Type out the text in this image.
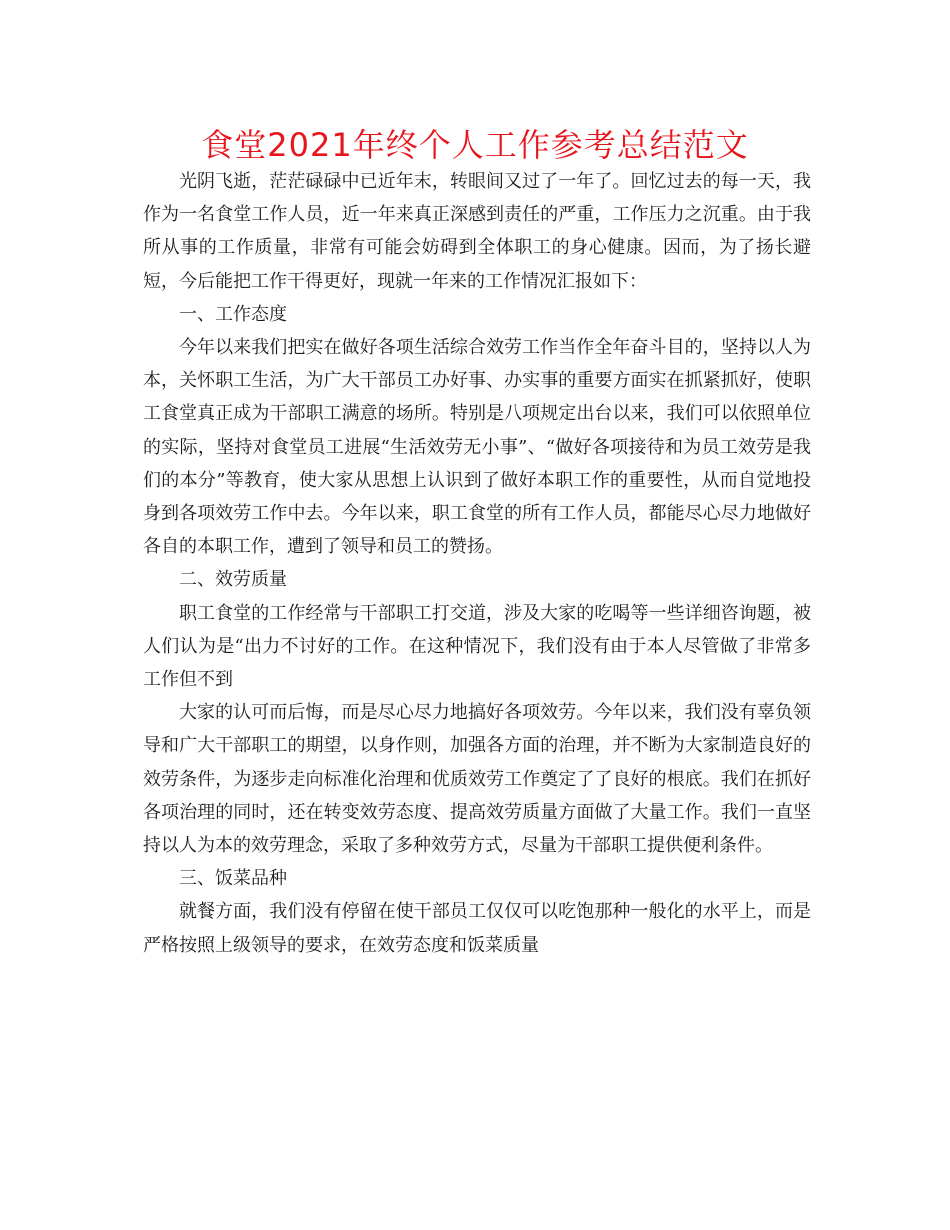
食堂2021年终个人工作参考总结范文

光阴飞逝，茫茫碌碌中已近年末，转眼间又过了一年了。回忆过去的每一天，我作为一名食堂工作人员，近一年来真正深感到责任的严重，工作压力之沉重。由于我所从事的工作质量，非常有可能会妨碍到全体职工的身心健康。因而，为了扬长避短，今后能把工作干得更好，现就一年来的工作情况汇报如下：

一、工作态度

今年以来我们把实在做好各项生活综合效劳工作当作全年奋斗目的，坚持以人为本，关怀职工生活，为广大干部员工办好事、办实事的重要方面实在抓紧抓好，使职工食堂真正成为干部职工满意的场所。特别是八项规定出台以来，我们可以依照单位的实际，坚持对食堂员工进展“生活效劳无小事”、“做好各项接待和为员工效劳是我们的本分”等教育，使大家从思想上认识到了做好本职工作的重要性，从而自觉地投身到各项效劳工作中去。今年以来，职工食堂的所有工作人员，都能尽心尽力地做好各自的本职工作，遭到了领导和员工的赞扬。

二、效劳质量

职工食堂的工作经常与干部职工打交道，涉及大家的吃喝等一些详细咨询题，被人们认为是“出力不讨好的工作。在这种情况下，我们没有由于本人尽管做了非常多工作但不到

大家的认可而后悔，而是尽心尽力地搞好各项效劳。今年以来，我们没有辜负领导和广大干部职工的期望，以身作则，加强各方面的治理，并不断为大家制造良好的效劳条件，为逐步走向标准化治理和优质效劳工作奠定了了良好的根底。我们在抓好各项治理的同时，还在转变效劳态度、提高效劳质量方面做了大量工作。我们一直坚持以人为本的效劳理念，采取了多种效劳方式，尽量为干部职工提供便利条件。

三、饭菜品种

就餐方面，我们没有停留在使干部员工仅仅可以吃饱那种一般化的水平上，而是严格按照上级领导的要求，在效劳态度和饭菜质量
